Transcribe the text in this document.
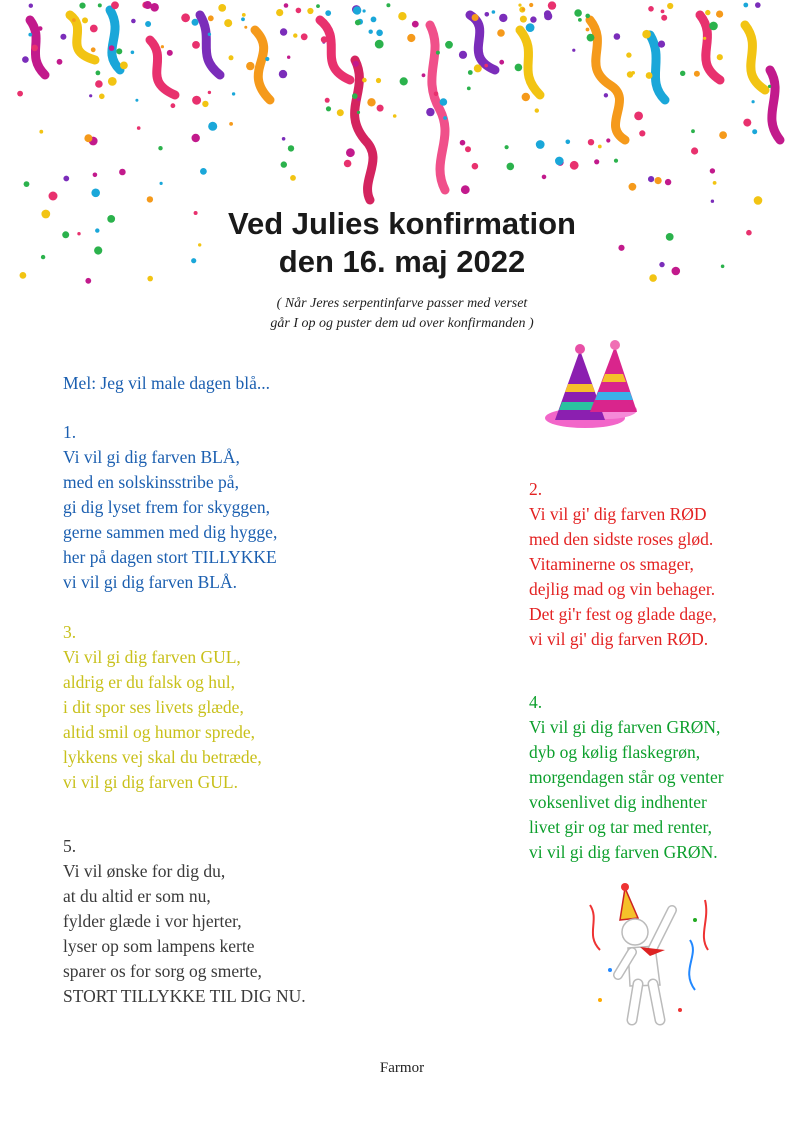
Ved Julies konfirmation
den 16. maj 2022
( Når Jeres serpentinfarve passer med verset
går I op og puster dem ud over konfirmanden )
Mel: Jeg vil male dagen blå...
1.
Vi vil gi dig farven BLÅ,
med en solskinsstribe på,
gi dig lyset frem for skyggen,
gerne sammen med dig hygge,
her på dagen stort TILLYKKE
vi vil gi dig farven BLÅ.
2.
Vi vil gi' dig farven RØD
med den sidste roses glød.
Vitaminerne os smager,
dejlig mad og vin behager.
Det gi'r fest og glade dage,
vi vil gi' dig farven RØD.
3.
Vi vil gi dig farven GUL,
aldrig er du falsk og hul,
i dit spor ses livets glæde,
altid smil og humor sprede,
lykkens vej skal du betræde,
vi vil gi dig farven GUL.
4.
Vi vil gi dig farven GRØN,
dyb og kølig flaskegrøn,
morgendagen står og venter
voksenlivet dig indhenter
livet gir og tar med renter,
vi vil gi dig farven GRØN.
5.
Vi vil ønske for dig du,
at du altid er som nu,
fylder glæde i vor hjerter,
lyser op som lampens kerte
sparer os for sorg og smerte,
STORT TILLYKKE TIL DIG NU.
Farmor
